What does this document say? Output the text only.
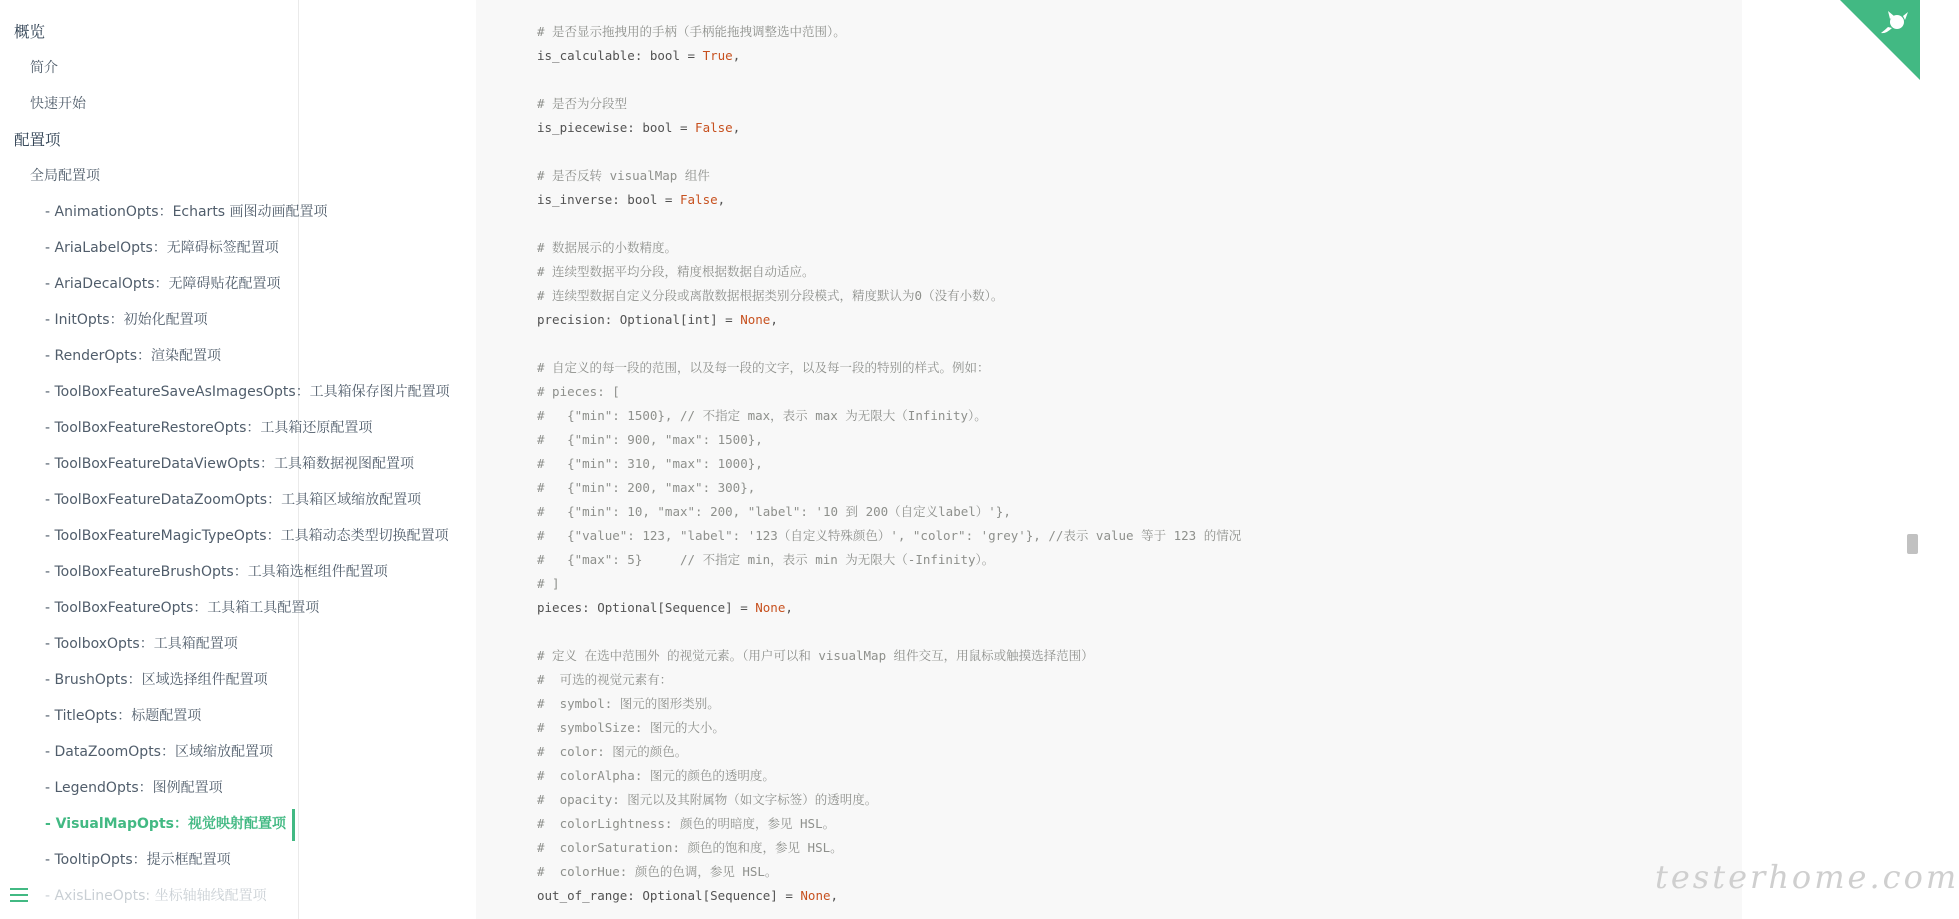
概览
简介
快速开始
配置项
全局配置项
- AnimationOpts：Echarts 画图动画配置项
- AriaLabelOpts：无障碍标签配置项
- AriaDecalOpts：无障碍贴花配置项
- InitOpts：初始化配置项
- RenderOpts：渲染配置项
- ToolBoxFeatureSaveAsImagesOpts：工具箱保存图片配置项
- ToolBoxFeatureRestoreOpts：工具箱还原配置项
- ToolBoxFeatureDataViewOpts：工具箱数据视图配置项
- ToolBoxFeatureDataZoomOpts：工具箱区域缩放配置项
- ToolBoxFeatureMagicTypeOpts：工具箱动态类型切换配置项
- ToolBoxFeatureBrushOpts：工具箱选框组件配置项
- ToolBoxFeatureOpts：工具箱工具配置项
- ToolboxOpts：工具箱配置项
- BrushOpts：区域选择组件配置项
- TitleOpts：标题配置项
- DataZoomOpts：区域缩放配置项
- LegendOpts：图例配置项
- VisualMapOpts：视觉映射配置项
- TooltipOpts：提示框配置项
- AxisLineOpts: 坐标轴轴线配置项
# 是否显示拖拽用的手柄（手柄能拖拽调整选中范围）。
is_calculable: bool = True,
# 是否为分段型
is_piecewise: bool = False,
# 是否反转 visualMap 组件
is_inverse: bool = False,
# 数据展示的小数精度。
# 连续型数据平均分段，精度根据数据自动适应。
# 连续型数据自定义分段或离散数据根据类别分段模式，精度默认为0（没有小数）。
precision: Optional[int] = None,
# 自定义的每一段的范围，以及每一段的文字，以及每一段的特别的样式。例如：
# pieces: [
#   {"min": 1500}, // 不指定 max，表示 max 为无限大（Infinity）。
#   {"min": 900, "max": 1500},
#   {"min": 310, "max": 1000},
#   {"min": 200, "max": 300},
#   {"min": 10, "max": 200, "label": '10 到 200（自定义label）'},
#   {"value": 123, "label": '123（自定义特殊颜色）', "color": 'grey'}, //表示 value 等于 123 的情况
#   {"max": 5}     // 不指定 min，表示 min 为无限大（-Infinity）。
# ]
pieces: Optional[Sequence] = None,
# 定义 在选中范围外 的视觉元素。（用户可以和 visualMap 组件交互，用鼠标或触摸选择范围）
#  可选的视觉元素有：
#  symbol: 图元的图形类别。
#  symbolSize: 图元的大小。
#  color: 图元的颜色。
#  colorAlpha: 图元的颜色的透明度。
#  opacity: 图元以及其附属物（如文字标签）的透明度。
#  colorLightness: 颜色的明暗度，参见 HSL。
#  colorSaturation: 颜色的饱和度，参见 HSL。
#  colorHue: 颜色的色调，参见 HSL。
out_of_range: Optional[Sequence] = None,	testerhome.com
